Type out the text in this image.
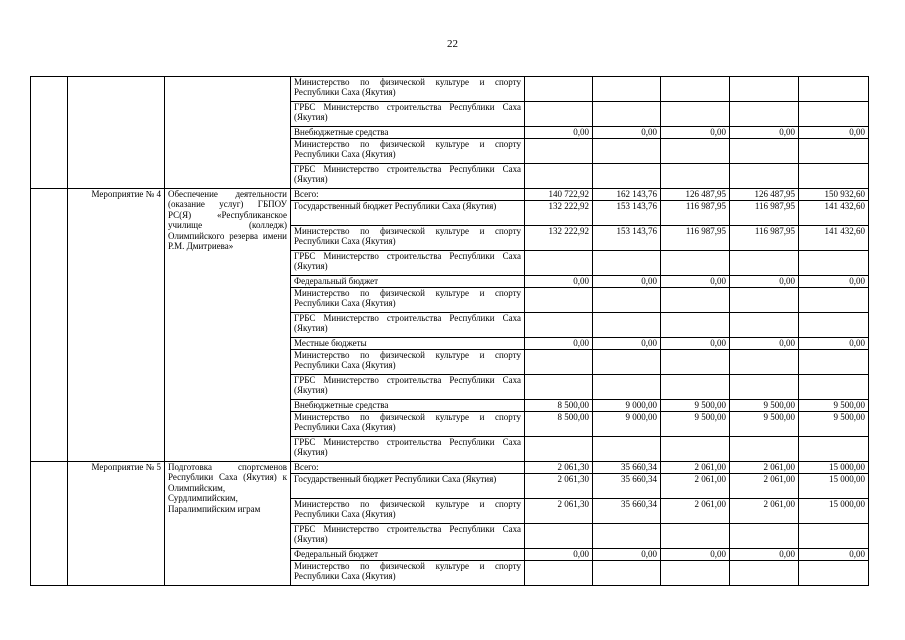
22
			Министерство по физической культуре и спорту Республики Саха (Якутия)					
			ГРБС Министерство строительства Республики Саха (Якутия)					
			Внебюджетные средства	0,00	0,00	0,00	0,00	0,00
			Министерство по физической культуре и спорту Республики Саха (Якутия)					
			ГРБС Министерство строительства Республики Саха (Якутия)					
	Мероприятие № 4	Обеспечение деятельности (оказание услуг) ГБПОУ РС(Я) «Республиканское училище (колледж) Олимпийского резерва имени Р.М. Дмитриева»	Всего:	140 722,92	162 143,76	126 487,95	126 487,95	150 932,60
			Государственный бюджет Республики Саха (Якутия)	132 222,92	153 143,76	116 987,95	116 987,95	141 432,60
			Министерство по физической культуре и спорту Республики Саха (Якутия)	132 222,92	153 143,76	116 987,95	116 987,95	141 432,60
			ГРБС Министерство строительства Республики Саха (Якутия)					
			Федеральный бюджет	0,00	0,00	0,00	0,00	0,00
			Министерство по физической культуре и спорту Республики Саха (Якутия)					
			ГРБС Министерство строительства Республики Саха (Якутия)					
			Местные бюджеты	0,00	0,00	0,00	0,00	0,00
			Министерство по физической культуре и спорту Республики Саха (Якутия)					
			ГРБС Министерство строительства Республики Саха (Якутия)					
			Внебюджетные средства	8 500,00	9 000,00	9 500,00	9 500,00	9 500,00
			Министерство по физической культуре и спорту Республики Саха (Якутия)	8 500,00	9 000,00	9 500,00	9 500,00	9 500,00
			ГРБС Министерство строительства Республики Саха (Якутия)					
	Мероприятие № 5	Подготовка спортсменов Республики Саха (Якутия) к Олимпийским, Сурдлимпийским, Паралимпийским играм	Всего:	2 061,30	35 660,34	2 061,00	2 061,00	15 000,00
			Государственный бюджет Республики Саха (Якутия)	2 061,30	35 660,34	2 061,00	2 061,00	15 000,00
			Министерство по физической культуре и спорту Республики Саха (Якутия)	2 061,30	35 660,34	2 061,00	2 061,00	15 000,00
			ГРБС Министерство строительства Республики Саха (Якутия)					
			Федеральный бюджет	0,00	0,00	0,00	0,00	0,00
			Министерство по физической культуре и спорту Республики Саха (Якутия)					
